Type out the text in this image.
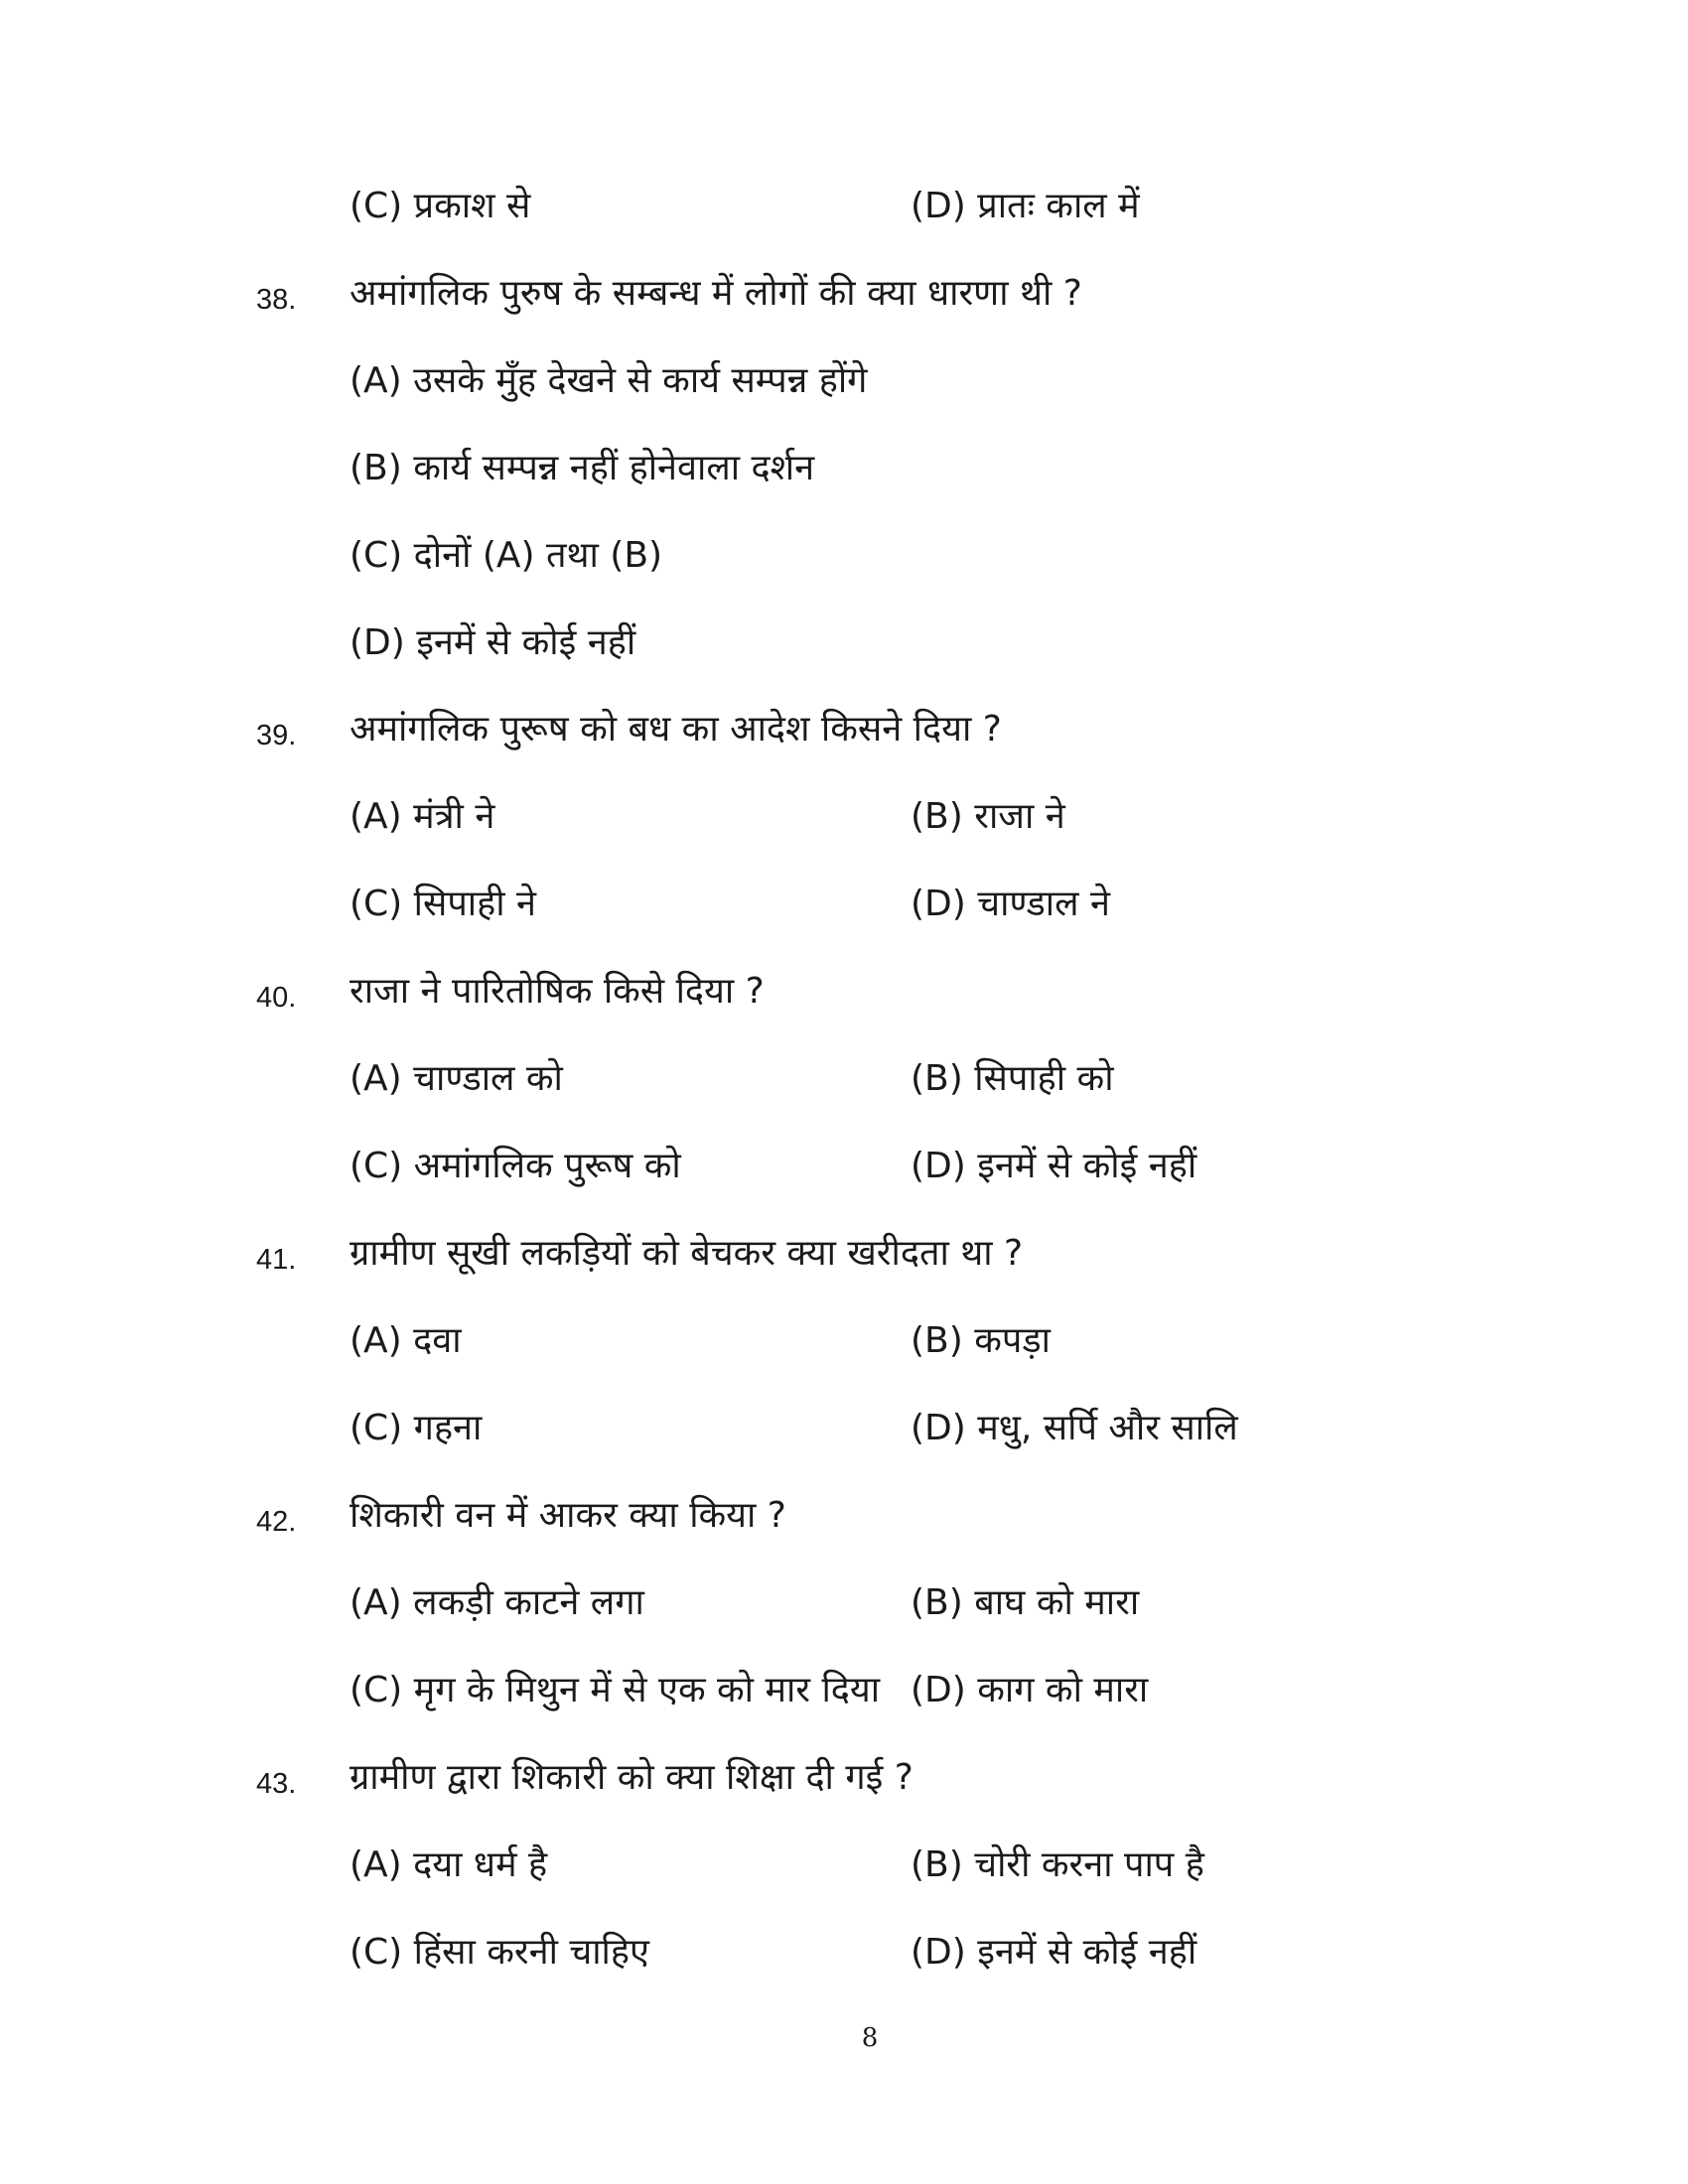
(C) प्रकाश से	(D) प्रातः काल में
38. अमांगलिक पुरुष के सम्बन्ध में लोगों की क्या धारणा थी ?
(A) उसके मुँह देखने से कार्य सम्पन्न होंगे
(B) कार्य सम्पन्न नहीं होनेवाला दर्शन
(C) दोनों (A) तथा (B)
(D) इनमें से कोई नहीं
39. अमांगलिक पुरूष को बध का आदेश किसने दिया ?
(A) मंत्री ने	(B) राजा ने
(C) सिपाही ने	(D) चाण्डाल ने
40. राजा ने पारितोषिक किसे दिया ?
(A) चाण्डाल को	(B) सिपाही को
(C) अमांगलिक पुरूष को	(D) इनमें से कोई नहीं
41. ग्रामीण सूखी लकड़ियों को बेचकर क्या खरीदता था ?
(A) दवा	(B) कपड़ा
(C) गहना	(D) मधु, सर्पि और सालि
42. शिकारी वन में आकर क्या किया ?
(A) लकड़ी काटने लगा	(B) बाघ को मारा
(C) मृग के मिथुन में से एक को मार दिया (D) काग को मारा
43. ग्रामीण द्वारा शिकारी को क्या शिक्षा दी गई ?
(A) दया धर्म है	(B) चोरी करना पाप है
(C) हिंसा करनी चाहिए	(D) इनमें से कोई नहीं
8
